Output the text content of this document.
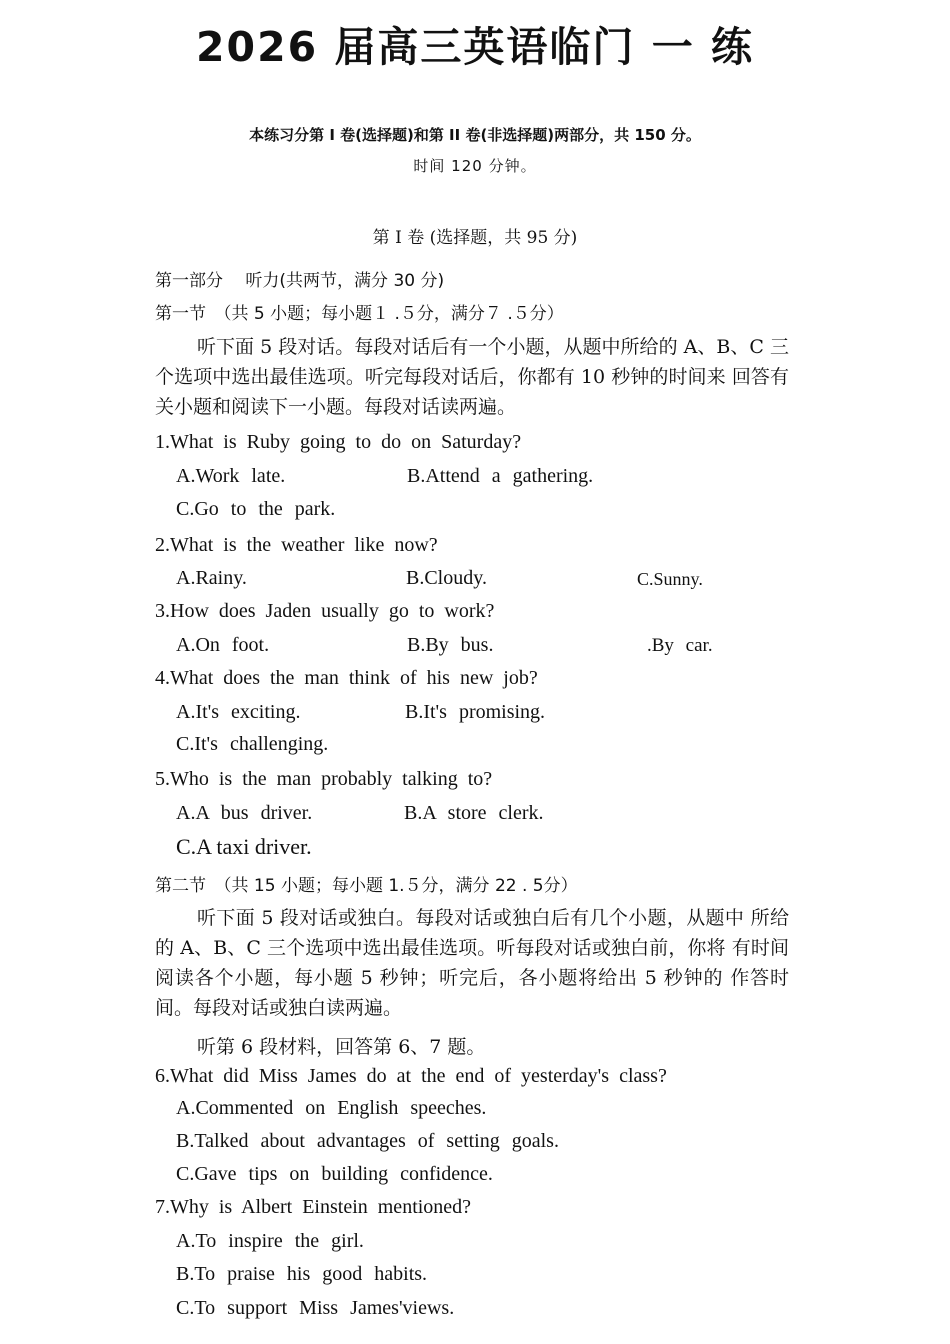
2026 届高三英语临门 一 练
本练习分第 I 卷(选择题)和第 II 卷(非选择题)两部分，共 150 分。
时间 120 分钟。
第 Ⅰ 卷 (选择题，共 95 分)
第一部分　 听力(共两节，满分 30 分)
第一节　（共 5 小题；每小题１ .５分，满分７ .５分）
听下面 5 段对话。每段对话后有一个小题，从题中所给的 A、B、C 三个选项中选出最佳选项。听完每段对话后，你都有 10 秒钟的时间来 回答有关小题和阅读下一小题。每段对话读两遍。
1.What is Ruby going to do on Saturday?
A.Work late.	B.Attend a gathering.
C.Go to the park.
2.What is the weather like now?
A.Rainy.	B.Cloudy.	C.Sunny.
3.How does Jaden usually go to work?
A.On foot.	B.By bus.	.By car.
4.What does the man think of his new job?
A.It's exciting.	B.It's promising.
C.It's challenging.
5.Who is the man probably talking to?
A.A bus driver.	B.A store clerk.
C.A taxi driver.
第二节　（共 15 小题；每小题 1.５分，满分 22 . 5分）
听下面 5 段对话或独白。每段对话或独白后有几个小题，从题中 所给的 A、B、C 三个选项中选出最佳选项。听每段对话或独白前，你将 有时间阅读各个小题，每小题 5 秒钟；听完后，各小题将给出 5 秒钟的 作答时间。每段对话或独白读两遍。
听第 6 段材料，回答第 6、7 题。
6.What did Miss James do at the end of yesterday's class?
A.Commented on English speeches.
B.Talked about advantages of setting goals.
C.Gave tips on building confidence.
7.Why is Albert Einstein mentioned?
A.To inspire the girl.
B.To praise his good habits.
C.To support Miss James'views.
